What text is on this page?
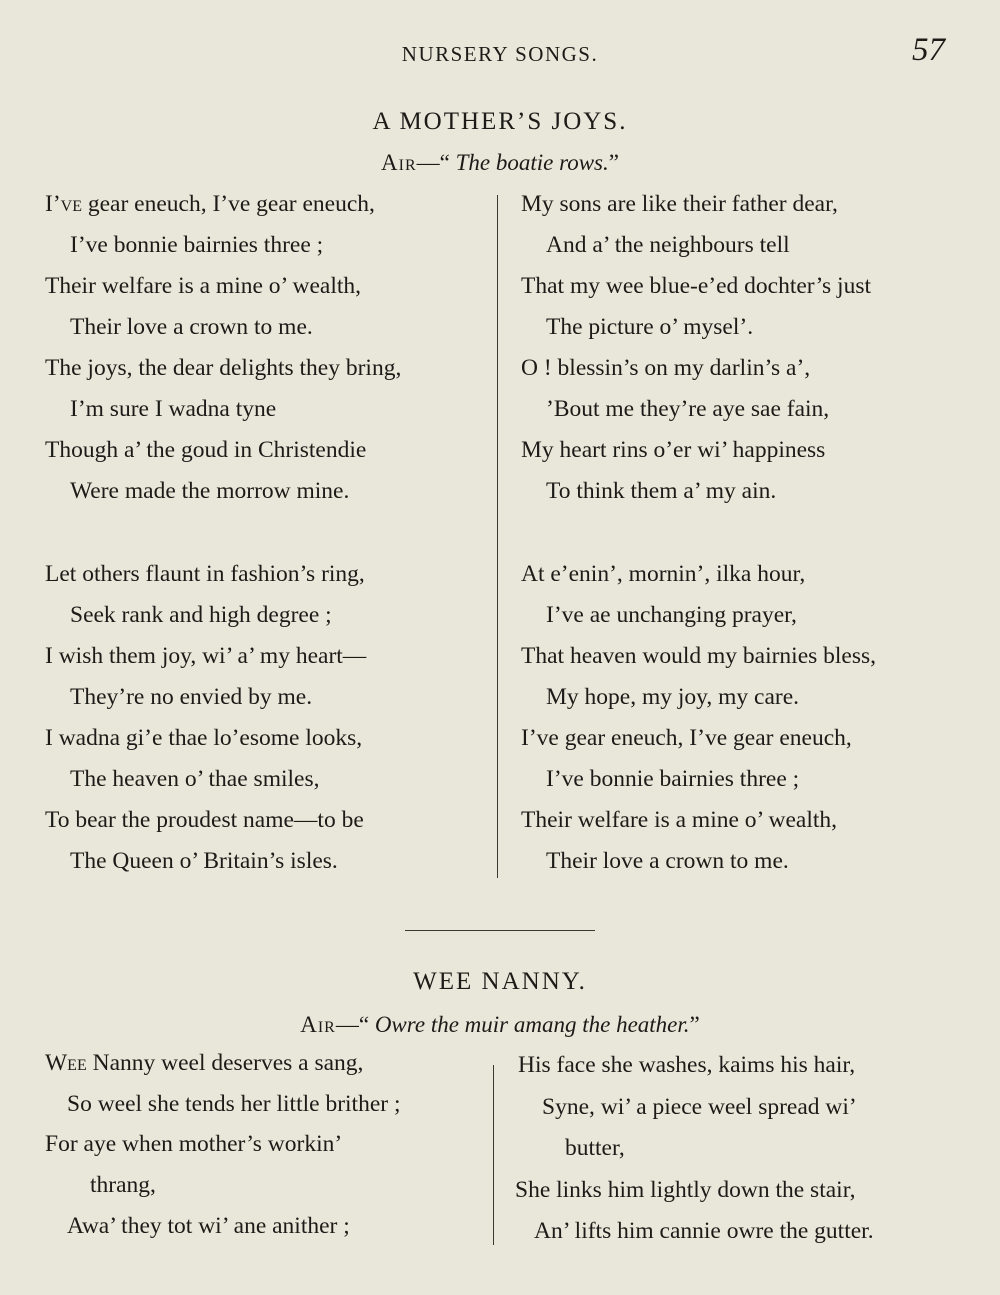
NURSERY SONGS.	57
A MOTHER’S JOYS.
Air—“ The boatie rows.”
I’ve gear eneuch, I’ve gear eneuch,
I’ve bonnie bairnies three ;
Their welfare is a mine o’ wealth,
Their love a crown to me.
The joys, the dear delights they bring,
I’m sure I wadna tyne
Though a’ the goud in Christendie
Were made the morrow mine.
Let others flaunt in fashion’s ring,
Seek rank and high degree ;
I wish them joy, wi’ a’ my heart—
They’re no envied by me.
I wadna gi’e thae lo’esome looks,
The heaven o’ thae smiles,
To bear the proudest name—to be
The Queen o’ Britain’s isles.
My sons are like their father dear,
And a’ the neighbours tell
That my wee blue-e’ed dochter’s just
The picture o’ mysel’.
O ! blessin’s on my darlin’s a’,
’Bout me they’re aye sae fain,
My heart rins o’er wi’ happiness
To think them a’ my ain.
At e’enin’, mornin’, ilka hour,
I’ve ae unchanging prayer,
That heaven would my bairnies bless,
My hope, my joy, my care.
I’ve gear eneuch, I’ve gear eneuch,
I’ve bonnie bairnies three ;
Their welfare is a mine o’ wealth,
Their love a crown to me.
WEE NANNY.
Air—“ Owre the muir amang the heather.”
Wee Nanny weel deserves a sang,
So weel she tends her little brither ;
For aye when mother’s workin’
thrang,
Awa’ they tot wi’ ane anither ;
His face she washes, kaims his hair,
Syne, wi’ a piece weel spread wi’
butter,
She links him lightly down the stair,
An’ lifts him cannie owre the gutter.
